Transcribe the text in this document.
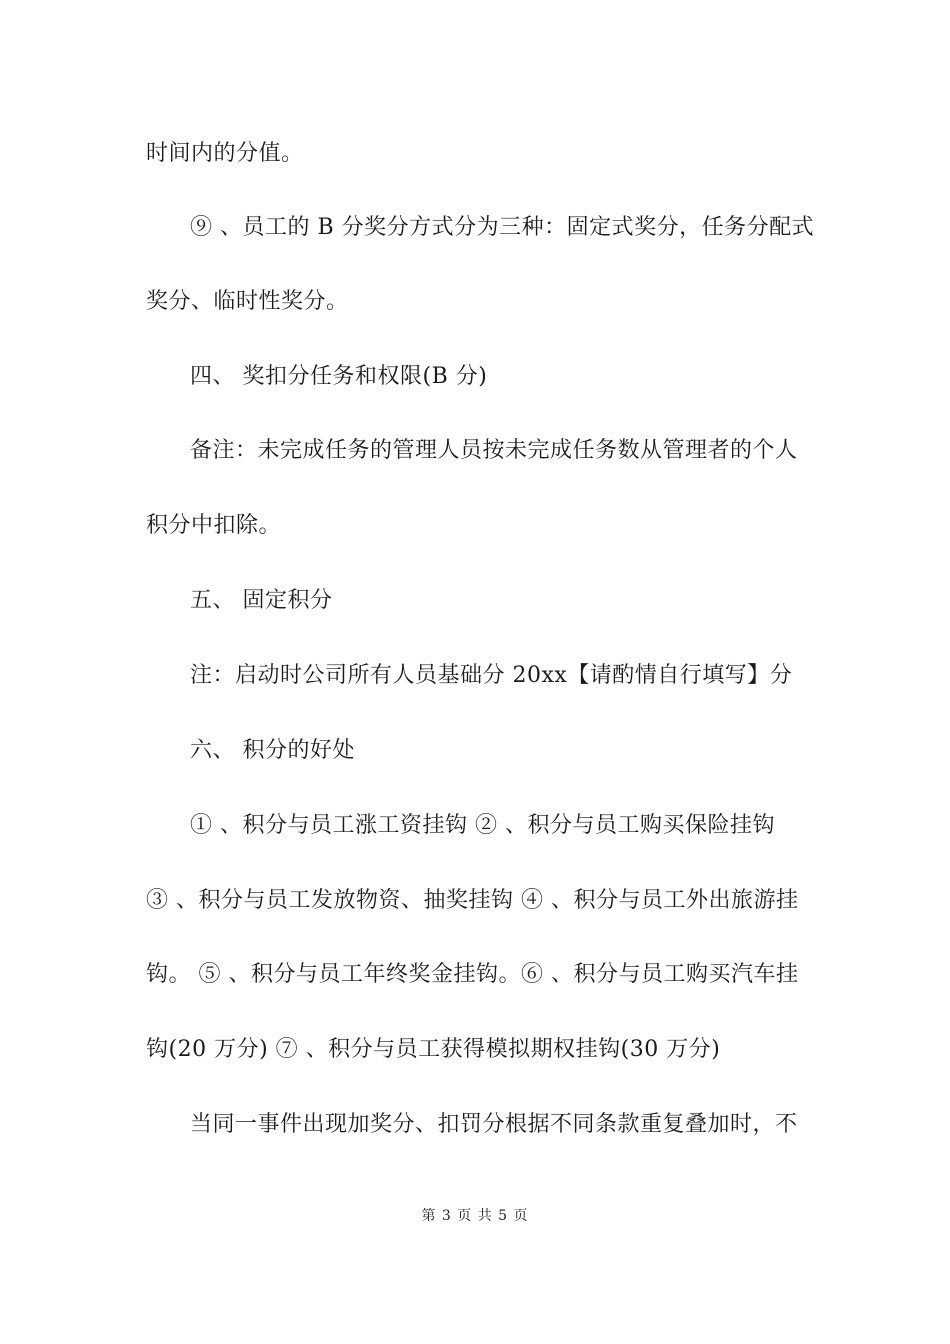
时间内的分值。
⑨ 、员工的 B 分奖分方式分为三种：固定式奖分，任务分配式
奖分、临时性奖分。
四、 奖扣分任务和权限(B 分)
备注：未完成任务的管理人员按未完成任务数从管理者的个人
积分中扣除。
五、 固定积分
注：启动时公司所有人员基础分 20xx【请酌情自行填写】分
六、 积分的好处
① 、积分与员工涨工资挂钩 ② 、积分与员工购买保险挂钩
③ 、积分与员工发放物资、抽奖挂钩 ④ 、积分与员工外出旅游挂
钩。 ⑤ 、积分与员工年终奖金挂钩。⑥ 、积分与员工购买汽车挂
钩(20 万分) ⑦ 、积分与员工获得模拟期权挂钩(30 万分)
当同一事件出现加奖分、扣罚分根据不同条款重复叠加时，不
第 3 页 共 5 页
